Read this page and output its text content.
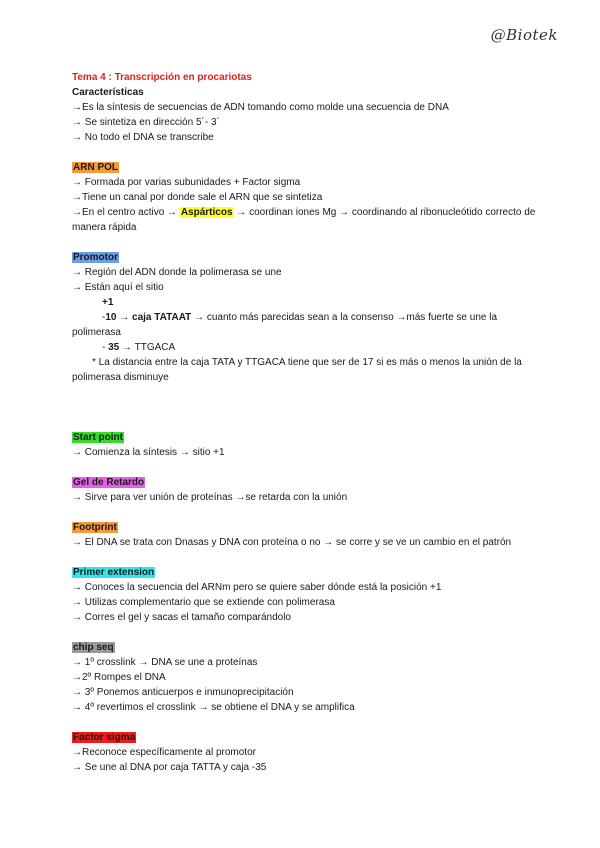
@Biotek
Tema 4 : Transcripción en procariotas
Características
→Es la síntesis de secuencias de ADN tomando como molde una secuencia de DNA
→ Se sintetiza en dirección 5´- 3´
→ No todo el DNA se transcribe
ARN POL
→ Formada por varias subunidades + Factor sigma
→Tiene un canal por donde sale el ARN que se sintetiza
→En el centro activo → Aspárticos → coordinan iones Mg → coordinando al ribonucleótido correcto de manera rápida
Promotor
→ Región del ADN donde la polimerasa se une
→ Están aquí el sitio
+1
-10 → caja TATAAT → cuanto más parecidas sean a la consenso →más fuerte se une la polimerasa
- 35 → TTGACA
* La distancia entre la caja TATA y TTGACA tiene que ser de 17 si es más o menos la unión de la polimerasa disminuye
Start point
→ Comienza la síntesis → sitio +1
Gel de Retardo
→ Sirve para ver unión de proteínas →se retarda con la unión
Footprint
→ El DNA se trata con Dnasas y DNA con proteína o no → se corre y se ve un cambio en el patrón
Primer extension
→ Conoces la secuencia del ARNm pero se quiere saber dónde está la posición +1
→ Utilizas complementario que se extiende con polimerasa
→ Corres el gel y sacas el tamaño comparándolo
chip seq
→ 1º crosslink → DNA se une a proteínas
→2º Rompes el DNA
→ 3º Ponemos anticuerpos e inmunoprecipitación
→ 4º revertimos el crosslink → se obtiene el DNA y se amplifica
Factor sigma
→Reconoce específicamente al promotor
→ Se une al DNA por caja TATTA y caja -35
